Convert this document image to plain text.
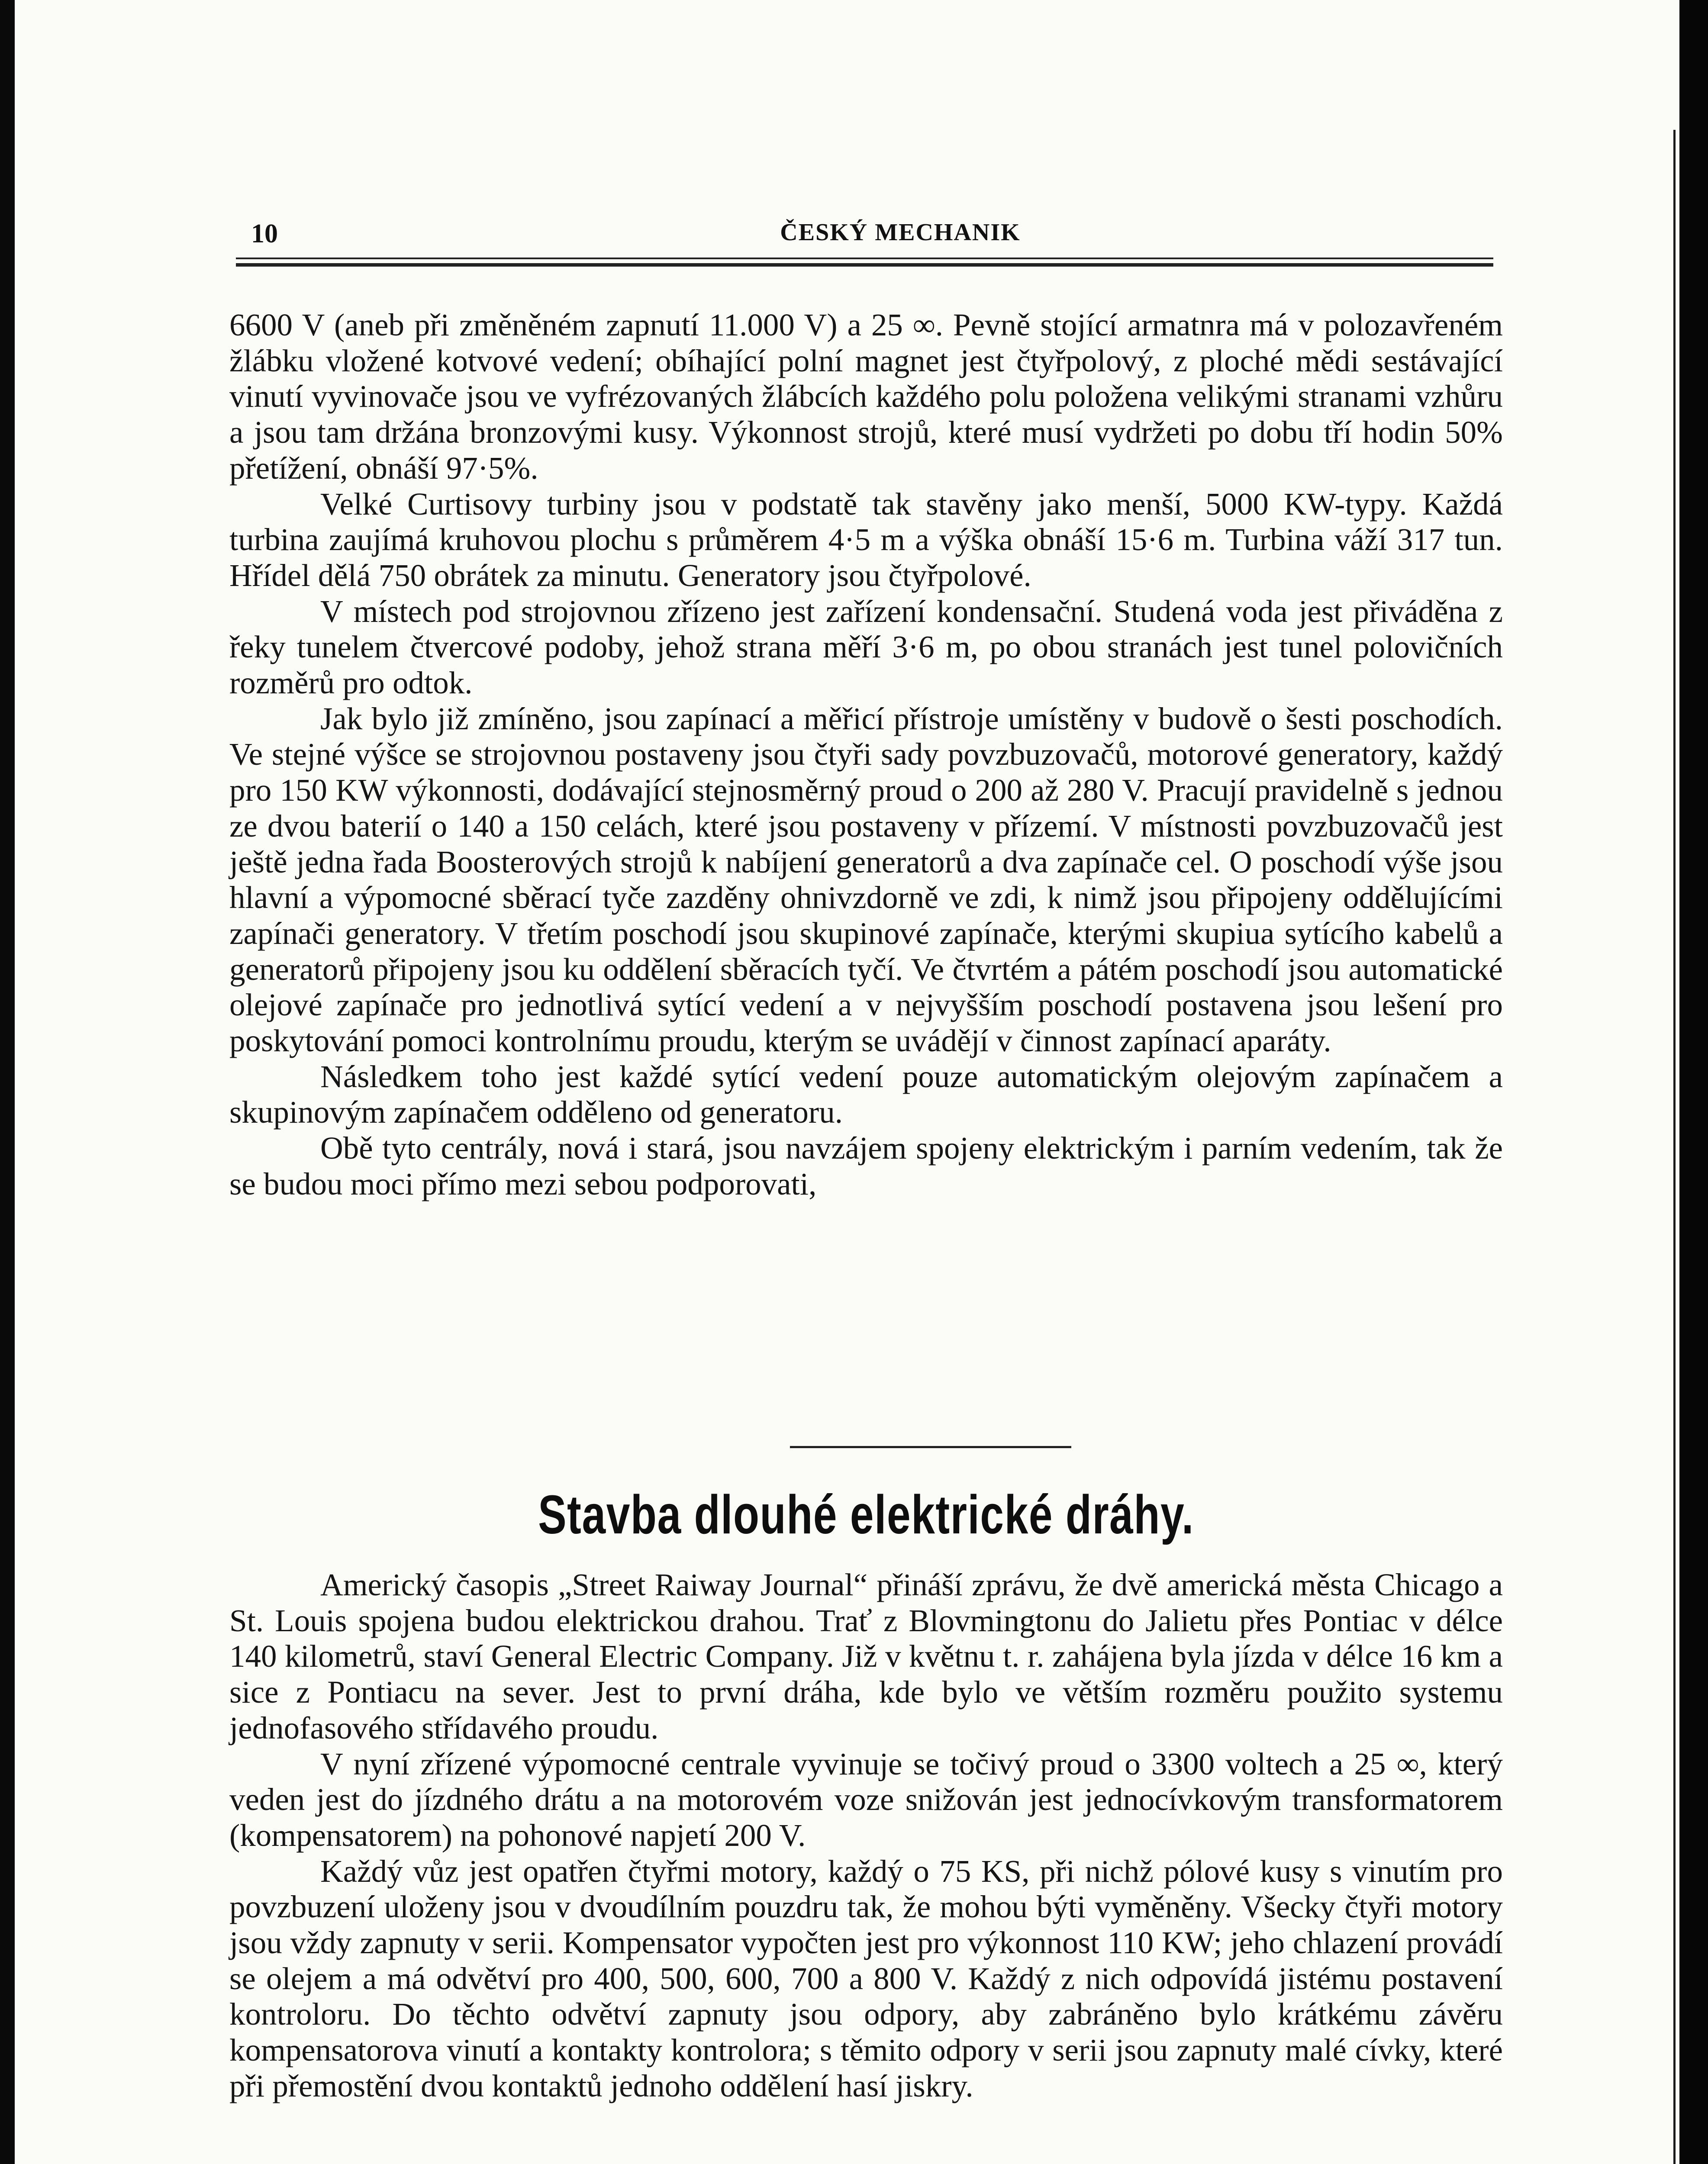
10	ČESKÝ MECHANIK

6600 V (aneb při změněném zapnutí 11.000 V) a 25 ∞. Pevně stojící armatnra má v polozavřeném žlábku vložené kotvové vedení; obíhající polní magnet jest čtyřpolový, z ploché mědi sestávající vinutí vyvinovače jsou ve vyfrézovaných žlábcích každého polu položena velikými stranami vzhůru a jsou tam držána bronzovými kusy. Výkonnost strojů, které musí vydržeti po dobu tří hodin 50% přetížení, obnáší 97·5%.

Velké Curtisovy turbiny jsou v podstatě tak stavěny jako menší, 5000 KW-typy. Každá turbina zaujímá kruhovou plochu s průměrem 4·5 m a výška obnáší 15·6 m. Turbina váží 317 tun. Hřídel dělá 750 obrátek za minutu. Generatory jsou čtyřpolové.

V místech pod strojovnou zřízeno jest zařízení kondensační. Studená voda jest přiváděna z řeky tunelem čtvercové podoby, jehož strana měří 3·6 m, po obou stranách jest tunel polovičních rozměrů pro odtok.

Jak bylo již zmíněno, jsou zapínací a měřicí přístroje umístěny v budově o šesti poschodích. Ve stejné výšce se strojovnou postaveny jsou čtyři sady povzbuzovačů, motorové generatory, každý pro 150 KW výkonnosti, dodávající stejnosměrný proud o 200 až 280 V. Pracují pravidelně s jednou ze dvou baterií o 140 a 150 celách, které jsou postaveny v přízemí. V místnosti povzbuzovačů jest ještě jedna řada Boosterových strojů k nabíjení generatorů a dva zapínače cel. O poschodí výše jsou hlavní a výpomocné sběrací tyče zazděny ohnivzdorně ve zdi, k nimž jsou připojeny oddělujícími zapínači generatory. V třetím poschodí jsou skupinové zapínače, kterými skupiua sytícího kabelů a generatorů připojeny jsou ku oddělení sběracích tyčí. Ve čtvrtém a pátém poschodí jsou automatické olejové zapínače pro jednotlivá sytící vedení a v nejvyšším poschodí postavena jsou lešení pro poskytování pomoci kontrolnímu proudu, kterým se uvádějí v činnost zapínací aparáty.

Následkem toho jest každé sytící vedení pouze automatickým olejovým zapínačem a skupinovým zapínačem odděleno od generatoru.

Obě tyto centrály, nová i stará, jsou navzájem spojeny elektrickým i parním vedením, tak že se budou moci přímo mezi sebou podporovati,

Stavba dlouhé elektrické dráhy.

Americký časopis „Street Raiway Journal“ přináší zprávu, že dvě americká města Chicago a St. Louis spojena budou elektrickou drahou. Trať z Blovmingtonu do Jalietu přes Pontiac v délce 140 kilometrů, staví General Electric Company. Již v květnu t. r. zahájena byla jízda v délce 16 km a sice z Pontiacu na sever. Jest to první dráha, kde bylo ve větším rozměru použito systemu jednofasového střídavého proudu.

V nyní zřízené výpomocné centrale vyvinuje se točivý proud o 3300 voltech a 25 ∞, který veden jest do jízdného drátu a na motorovém voze snižován jest jednocívkovým transformatorem (kompensatorem) na pohonové napjetí 200 V.

Každý vůz jest opatřen čtyřmi motory, každý o 75 KS, při nichž pólové kusy s vinutím pro povzbuzení uloženy jsou v dvoudílním pouzdru tak, že mohou býti vyměněny. Všecky čtyři motory jsou vždy zapnuty v serii. Kompensator vypočten jest pro výkonnost 110 KW; jeho chlazení provádí se olejem a má odvětví pro 400, 500, 600, 700 a 800 V. Každý z nich odpovídá jistému postavení kontroloru. Do těchto odvětví zapnuty jsou odpory, aby zabráněno bylo krátkému závěru kompensatorova vinutí a kontakty kontrolora; s těmito odpory v serii jsou zapnuty malé cívky, které při přemostění dvou kontaktů jednoho oddělení hasí jiskry.
